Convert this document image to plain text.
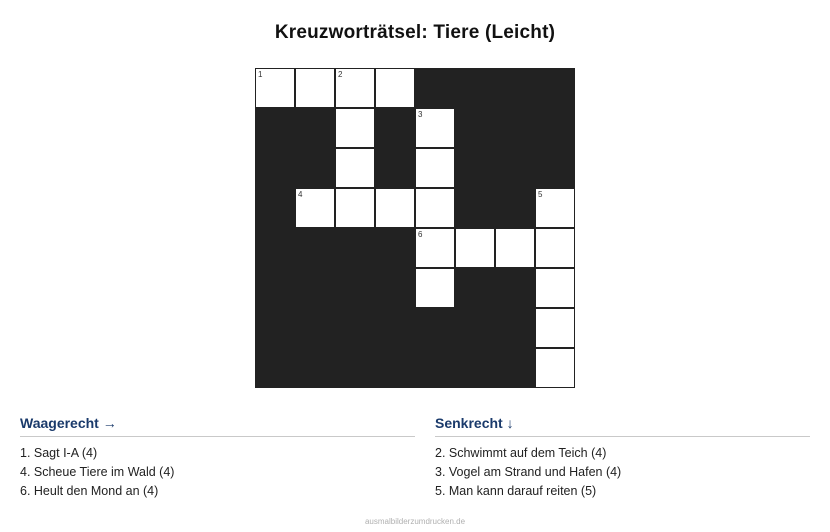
Kreuzworträtsel: Tiere (Leicht)
1	2
3
4	5
6
Waagerecht →

1. Sagt I-A (4)

4. Scheue Tiere im Wald (4)

6. Heult den Mond an (4)

Senkrecht ↓

2. Schwimmt auf dem Teich (4)

3. Vogel am Strand und Hafen (4)

5. Man kann darauf reiten (5)

ausmalbilderzumdrucken.de
